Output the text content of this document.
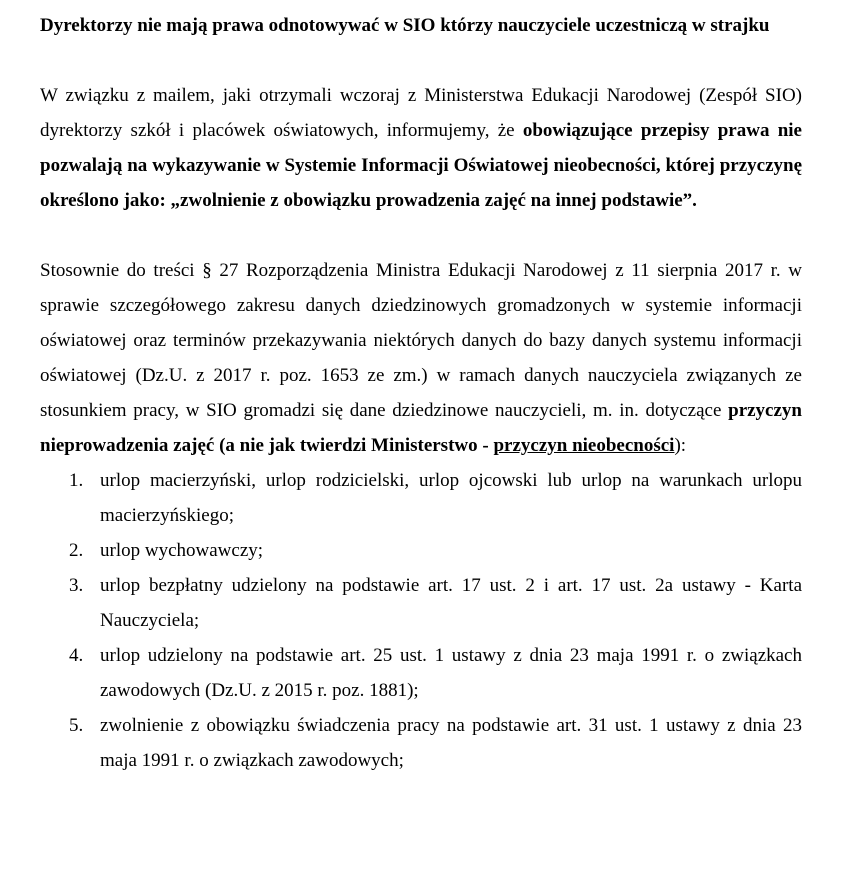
Dyrektorzy nie mają prawa odnotowywać w SIO którzy nauczyciele uczestniczą w strajku

W związku z mailem, jaki otrzymali wczoraj z Ministerstwa Edukacji Narodowej (Zespół SIO) dyrektorzy szkół i placówek oświatowych, informujemy, że obowiązujące przepisy prawa nie pozwalają na wykazywanie w Systemie Informacji Oświatowej nieobecności, której przyczynę określono jako: „zwolnienie z obowiązku prowadzenia zajęć na innej podstawie”.

Stosownie do treści § 27 Rozporządzenia Ministra Edukacji Narodowej z 11 sierpnia 2017 r. w sprawie szczegółowego zakresu danych dziedzinowych gromadzonych w systemie informacji oświatowej oraz terminów przekazywania niektórych danych do bazy danych systemu informacji oświatowej (Dz.U. z 2017 r. poz. 1653 ze zm.) w ramach danych nauczyciela związanych ze stosunkiem pracy, w SIO gromadzi się dane dziedzinowe nauczycieli, m. in. dotyczące przyczyn nieprowadzenia zajęć (a nie jak twierdzi Ministerstwo - przyczyn nieobecności):

1. urlop macierzyński, urlop rodzicielski, urlop ojcowski lub urlop na warunkach urlopu macierzyńskiego;
2. urlop wychowawczy;
3. urlop bezpłatny udzielony na podstawie art. 17 ust. 2 i art. 17 ust. 2a ustawy - Karta Nauczyciela;
4. urlop udzielony na podstawie art. 25 ust. 1 ustawy z dnia 23 maja 1991 r. o związkach zawodowych (Dz.U. z 2015 r. poz. 1881);
5. zwolnienie z obowiązku świadczenia pracy na podstawie art. 31 ust. 1 ustawy z dnia 23 maja 1991 r. o związkach zawodowych;
